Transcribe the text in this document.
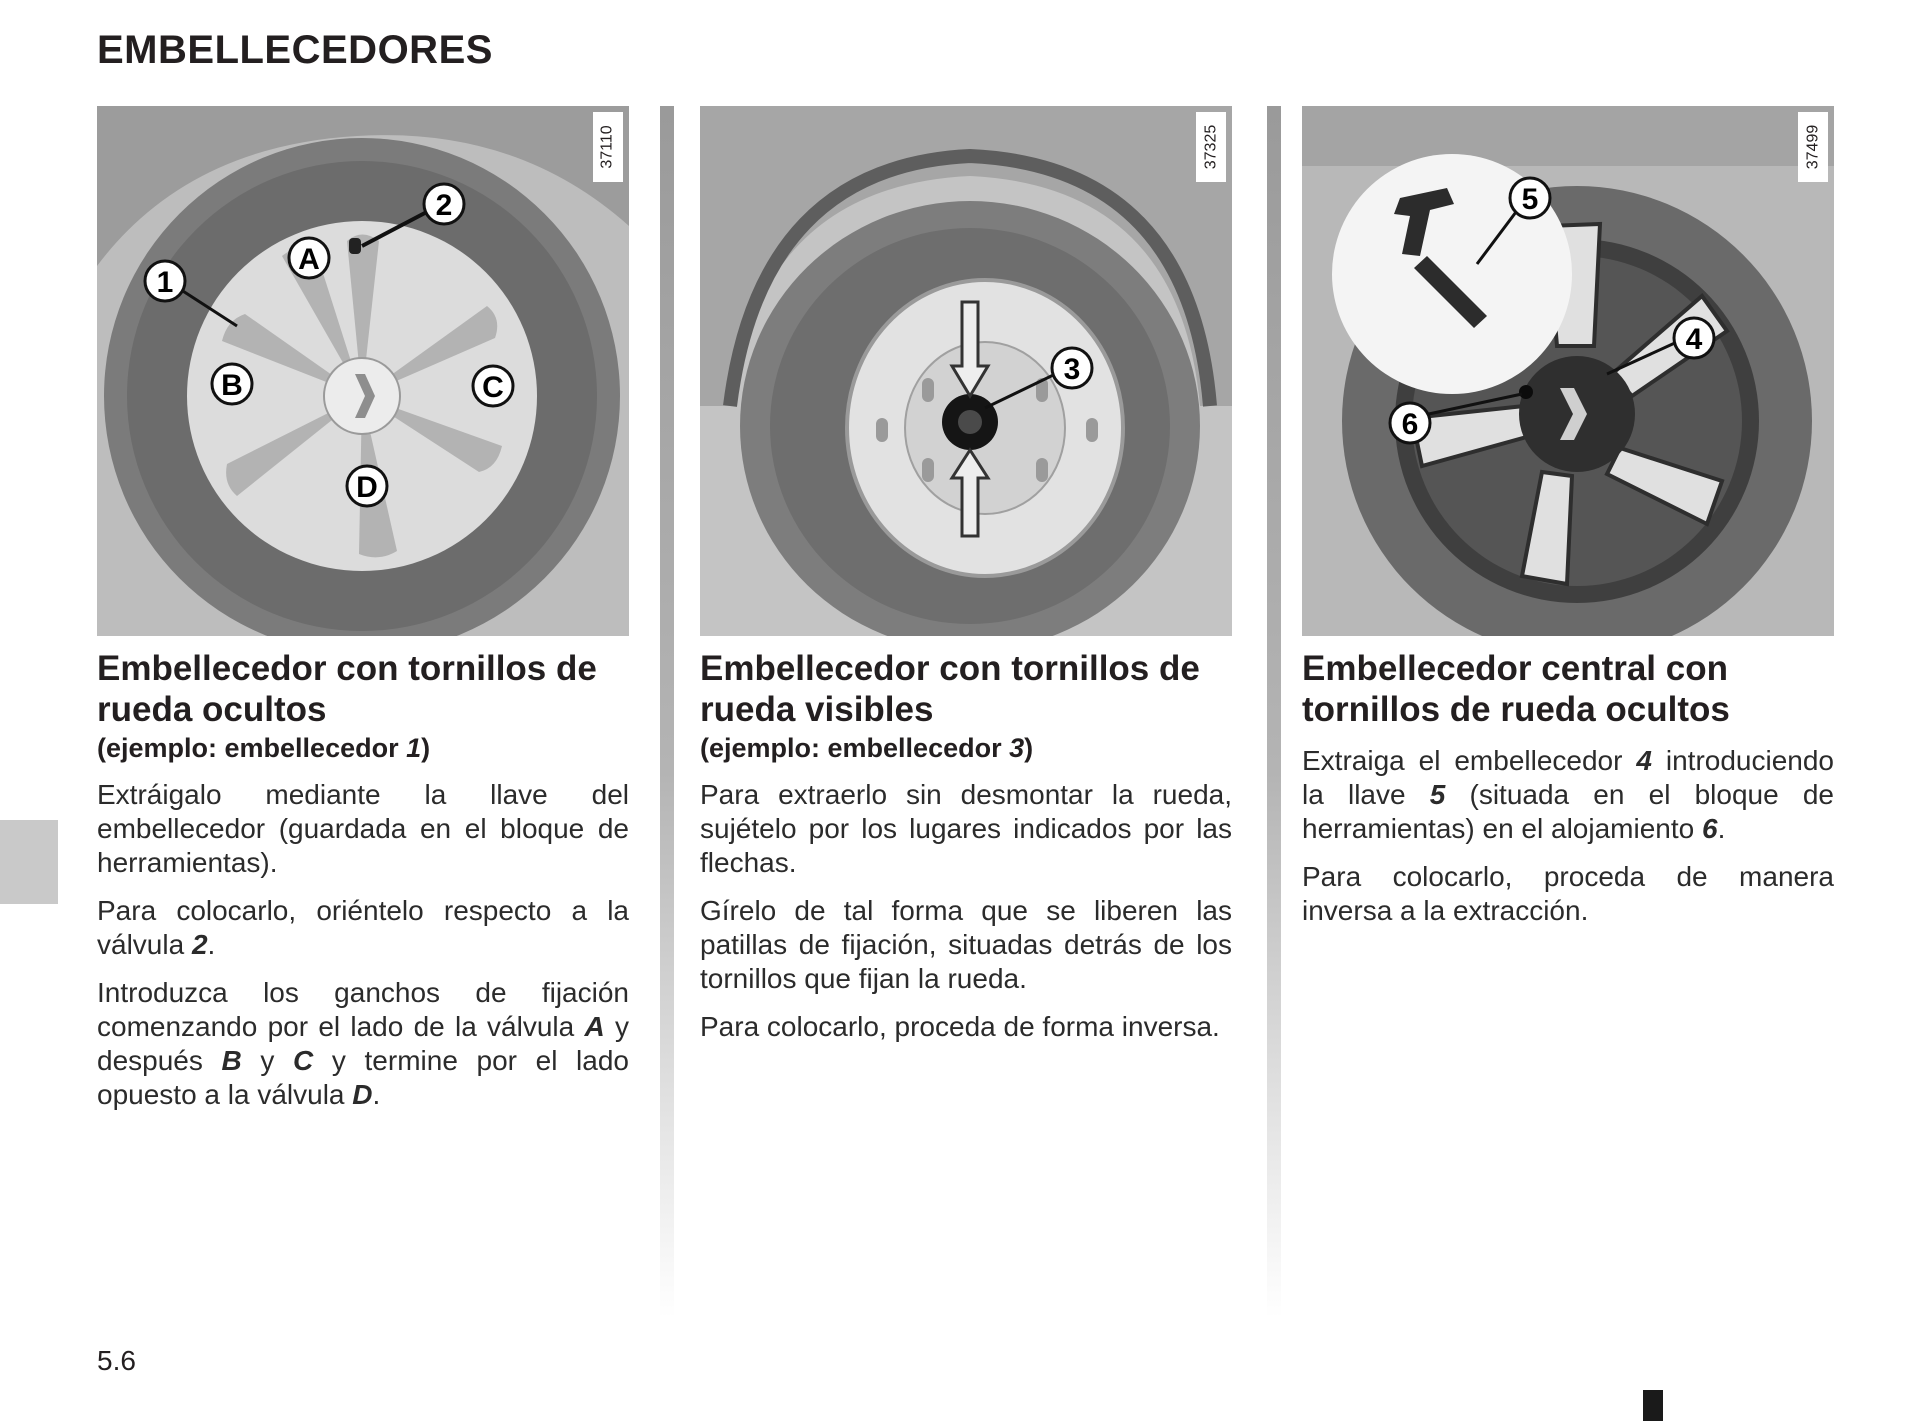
EMBELLECEDORES
37110
2
1
A
B	C
D
Embellecedor con tornillos de rueda ocultos

(ejemplo: embellecedor 1)

Extráigalo mediante la llave del embellecedor (guardada en el bloque de herramientas).

Para colocarlo, oriéntelo respecto a la válvula 2.

Introduzca los ganchos de fijación comenzando por el lado de la válvula A y después B y C y termine por el lado opuesto a la válvula D.

37325
3
Embellecedor con tornillos de rueda visibles

(ejemplo: embellecedor 3)

Para extraerlo sin desmontar la rueda, sujételo por los lugares indicados por las flechas.

Gírelo de tal forma que se liberen las patillas de fijación, situadas detrás de los tornillos que fijan la rueda.

Para colocarlo, proceda de forma inversa.

37499
5
4
6
Embellecedor central con tornillos de rueda ocultos

Extraiga el embellecedor 4 introduciendo la llave 5 (situada en el bloque de herramientas) en el alojamiento 6.

Para colocarlo, proceda de manera inversa a la extracción.

5.6
